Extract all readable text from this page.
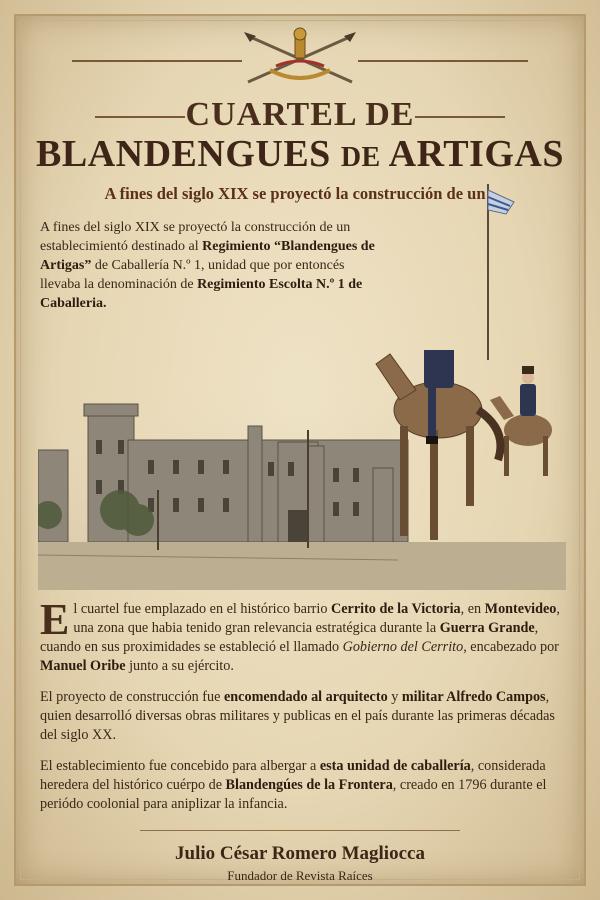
CUARTEL DE
BLANDENGUES DE ARTIGAS
A fines del siglo XIX se proyectó la construcción de un

A fines del siglo XIX se proyectó la construcción de un establecimientó destinado al Regimiento “Blandengues de Artigas” de Caballería N.º 1, unidad que por entoncés llevaba la denominación de Regimiento Escolta N.º 1 de Caballeria.

El cuartel fue emplazado en el histórico barrio Cerrito de la Victoria, en Montevideo, una zona que habia tenido gran relevancia estratégica durante la Guerra Grande, cuando en sus proximidades se estableció el llamado Gobierno del Cerrito, encabezado por Manuel Oribe junto a su ejército.

El proyecto de construcción fue encomendado al arquitecto y militar Alfredo Campos, quien desarrolló diversas obras militares y publicas en el país durante las primeras décadas del siglo XX.

El establecimiento fue concebido para albergar a esta unidad de caballería, considerada heredera del histórico cuérpo de Blandengúes de la Frontera, creado en 1796 durante el periódo coolonial para aniplizar la infancia.

Julio César Romero Magliocca
Fundador de Revista Raíces
